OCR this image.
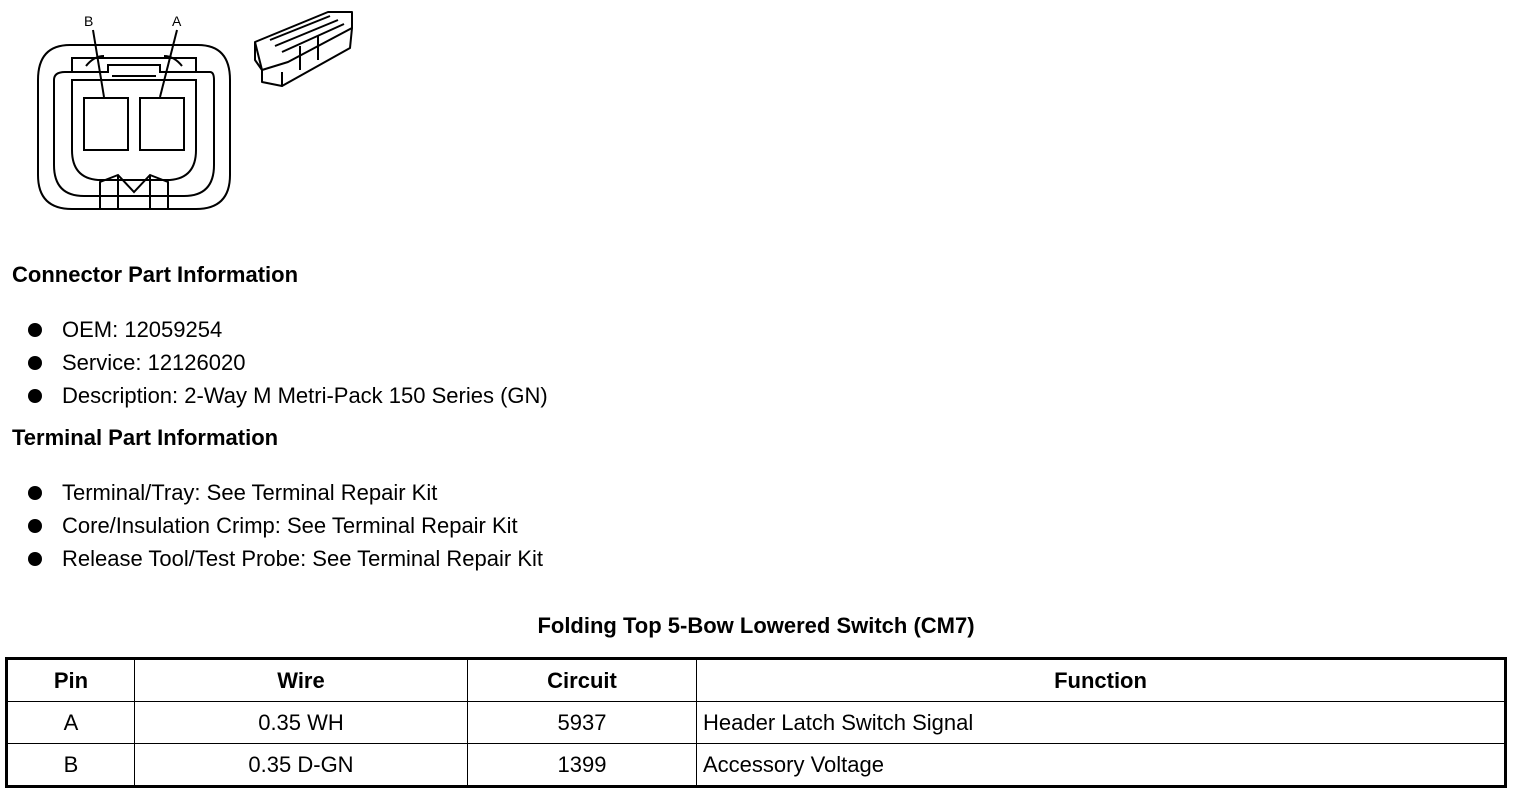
B	A
Connector Part Information
OEM: 12059254
Service: 12126020
Description: 2-Way M Metri-Pack 150 Series (GN)
Terminal Part Information
Terminal/Tray: See Terminal Repair Kit
Core/Insulation Crimp: See Terminal Repair Kit
Release Tool/Test Probe: See Terminal Repair Kit
Folding Top 5-Bow Lowered Switch (CM7)
Pin	Wire	Circuit	Function
A	0.35 WH	5937	Header Latch Switch Signal
B	0.35 D-GN	1399	Accessory Voltage
